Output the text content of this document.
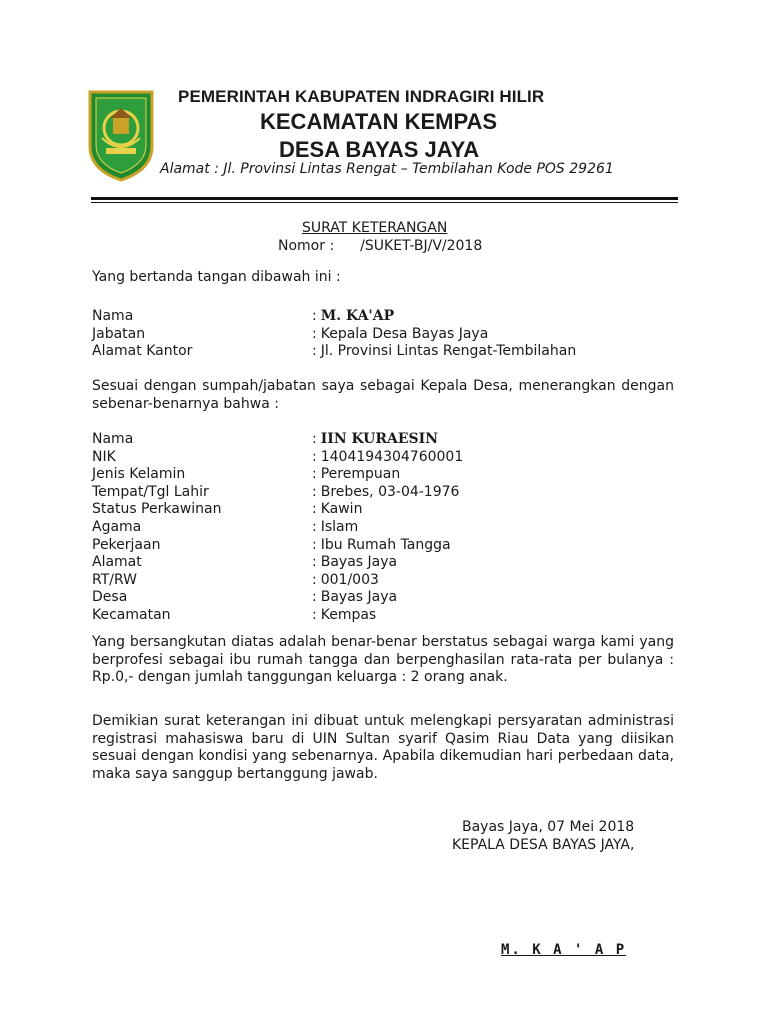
PEMERINTAH KABUPATEN INDRAGIRI HILIR
KECAMATAN KEMPAS
DESA BAYAS JAYA
Alamat : Jl. Provinsi Lintas Rengat – Tembilahan Kode POS 29261
SURAT KETERANGAN
Nomor : /SUKET-BJ/V/2018
Yang bertanda tangan dibawah ini :
Nama	: M. KA'AP
Jabatan	: Kepala Desa Bayas Jaya
Alamat Kantor	: Jl. Provinsi Lintas Rengat-Tembilahan
Sesuai dengan sumpah/jabatan saya sebagai Kepala Desa, menerangkan dengan sebenar-benarnya bahwa :
Nama	: IIN KURAESIN
NIK	: 1404194304760001
Jenis Kelamin	: Perempuan
Tempat/Tgl Lahir	: Brebes, 03-04-1976
Status Perkawinan	: Kawin
Agama	: Islam
Pekerjaan	: Ibu Rumah Tangga
Alamat	: Bayas Jaya
RT/RW	: 001/003
Desa	: Bayas Jaya
Kecamatan	: Kempas
Yang bersangkutan diatas adalah benar-benar berstatus sebagai warga kami yang berprofesi sebagai ibu rumah tangga dan berpenghasilan rata-rata per bulanya : Rp.0,- dengan jumlah tanggungan keluarga : 2 orang anak.
Demikian surat keterangan ini dibuat untuk melengkapi persyaratan administrasi registrasi mahasiswa baru di UIN Sultan syarif Qasim Riau Data yang diisikan sesuai dengan kondisi yang sebenarnya. Apabila dikemudian hari perbedaan data, maka saya sanggup bertanggung jawab.
Bayas Jaya, 07 Mei 2018
KEPALA DESA BAYAS JAYA,
M. K A ' A P
